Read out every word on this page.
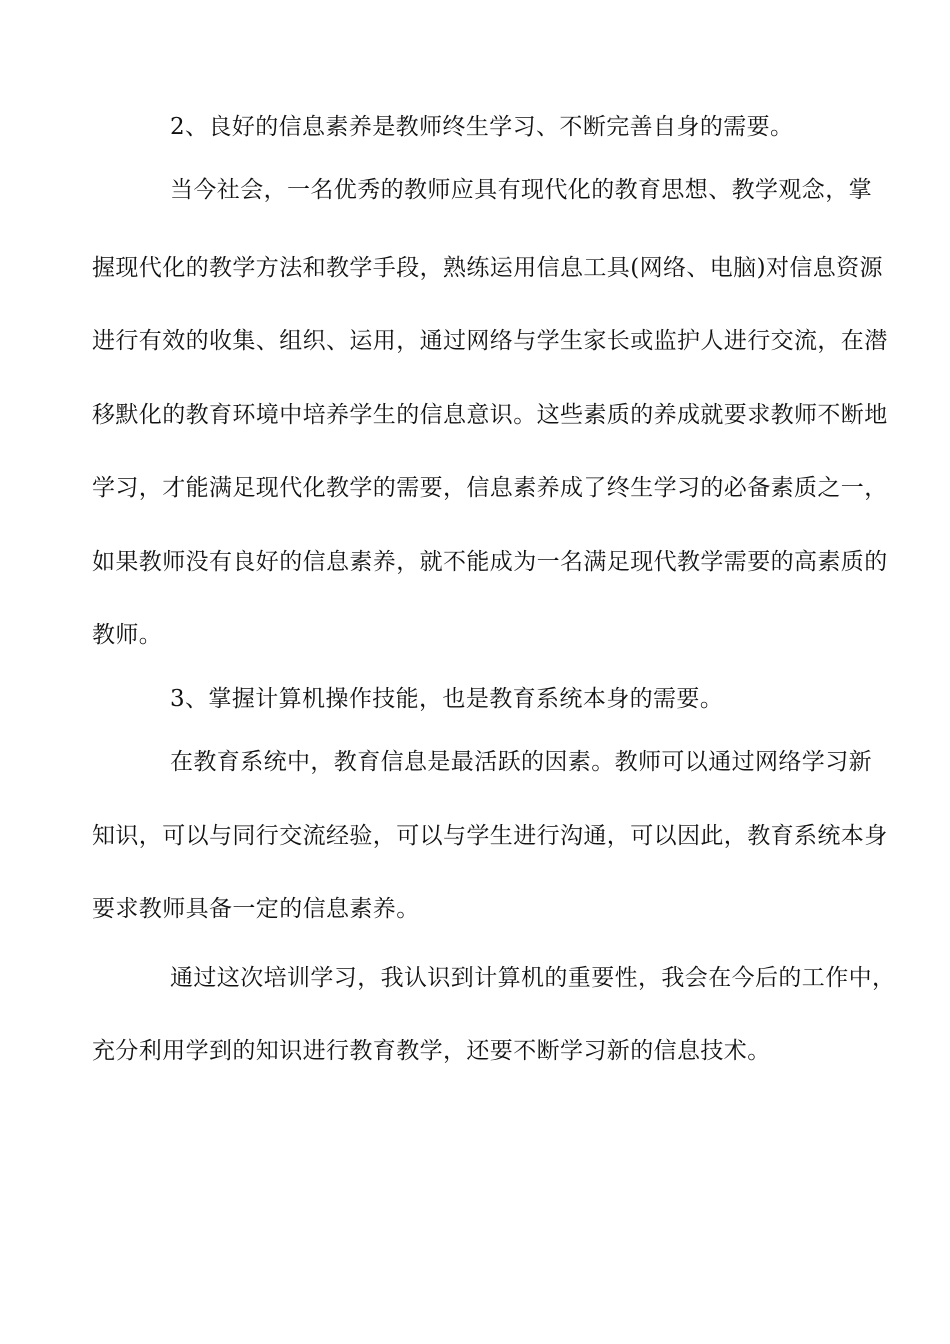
2、良好的信息素养是教师终生学习、不断完善自身的需要。
当今社会，一名优秀的教师应具有现代化的教育思想、教学观念，掌
握现代化的教学方法和教学手段，熟练运用信息工具(网络、电脑)对信息资源
进行有效的收集、组织、运用，通过网络与学生家长或监护人进行交流，在潜
移默化的教育环境中培养学生的信息意识。这些素质的养成就要求教师不断地
学习，才能满足现代化教学的需要，信息素养成了终生学习的必备素质之一，
如果教师没有良好的信息素养，就不能成为一名满足现代教学需要的高素质的
教师。
3、掌握计算机操作技能，也是教育系统本身的需要。
在教育系统中，教育信息是最活跃的因素。教师可以通过网络学习新
知识，可以与同行交流经验，可以与学生进行沟通，可以因此，教育系统本身
要求教师具备一定的信息素养。
通过这次培训学习，我认识到计算机的重要性，我会在今后的工作中，
充分利用学到的知识进行教育教学，还要不断学习新的信息技术。
